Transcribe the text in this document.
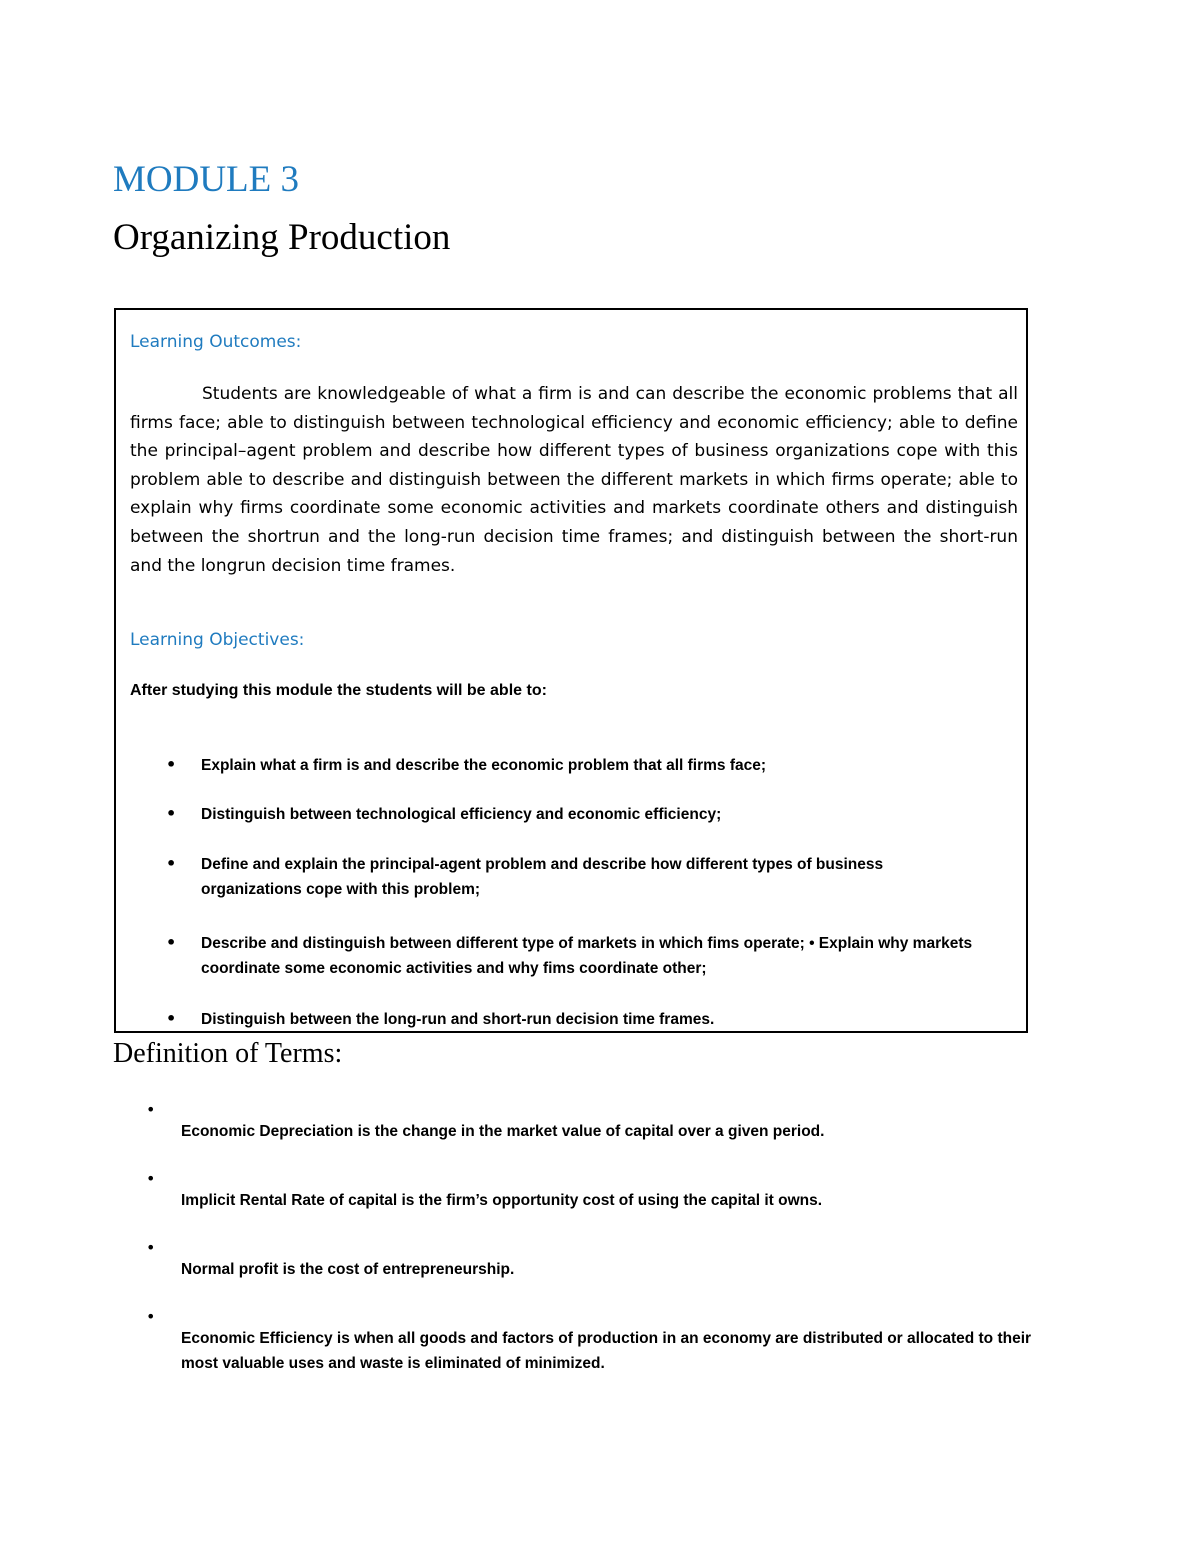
MODULE 3
Organizing Production
Learning Outcomes:

Students are knowledgeable of what a firm is and can describe the economic problems that all firms face; able to distinguish between technological efficiency and economic efficiency; able to define the principal–agent problem and describe how different types of business organizations cope with this problem able to describe and distinguish between the different markets in which firms operate; able to explain why firms coordinate some economic activities and markets coordinate others and distinguish between the shortrun and the long-run decision time frames; and distinguish between the short-run and the longrun decision time frames.

Learning Objectives:

After studying this module the students will be able to:

• Explain what a firm is and describe the economic problem that all firms face;
• Distinguish between technological efficiency and economic efficiency;
• Define and explain the principal-agent problem and describe how different types of business organizations cope with this problem;
• Describe and distinguish between different type of markets in which fims operate; • Explain why markets coordinate some economic activities and why fims coordinate other;
• Distinguish between the long-run and short-run decision time frames.
Definition of Terms:
•

Economic Depreciation is the change in the market value of capital over a given period.

•

Implicit Rental Rate of capital is the firm’s opportunity cost of using the capital it owns.

•

Normal profit is the cost of entrepreneurship.

•

Economic Efficiency is when all goods and factors of production in an economy are distributed or allocated to their most valuable uses and waste is eliminated of minimized.
